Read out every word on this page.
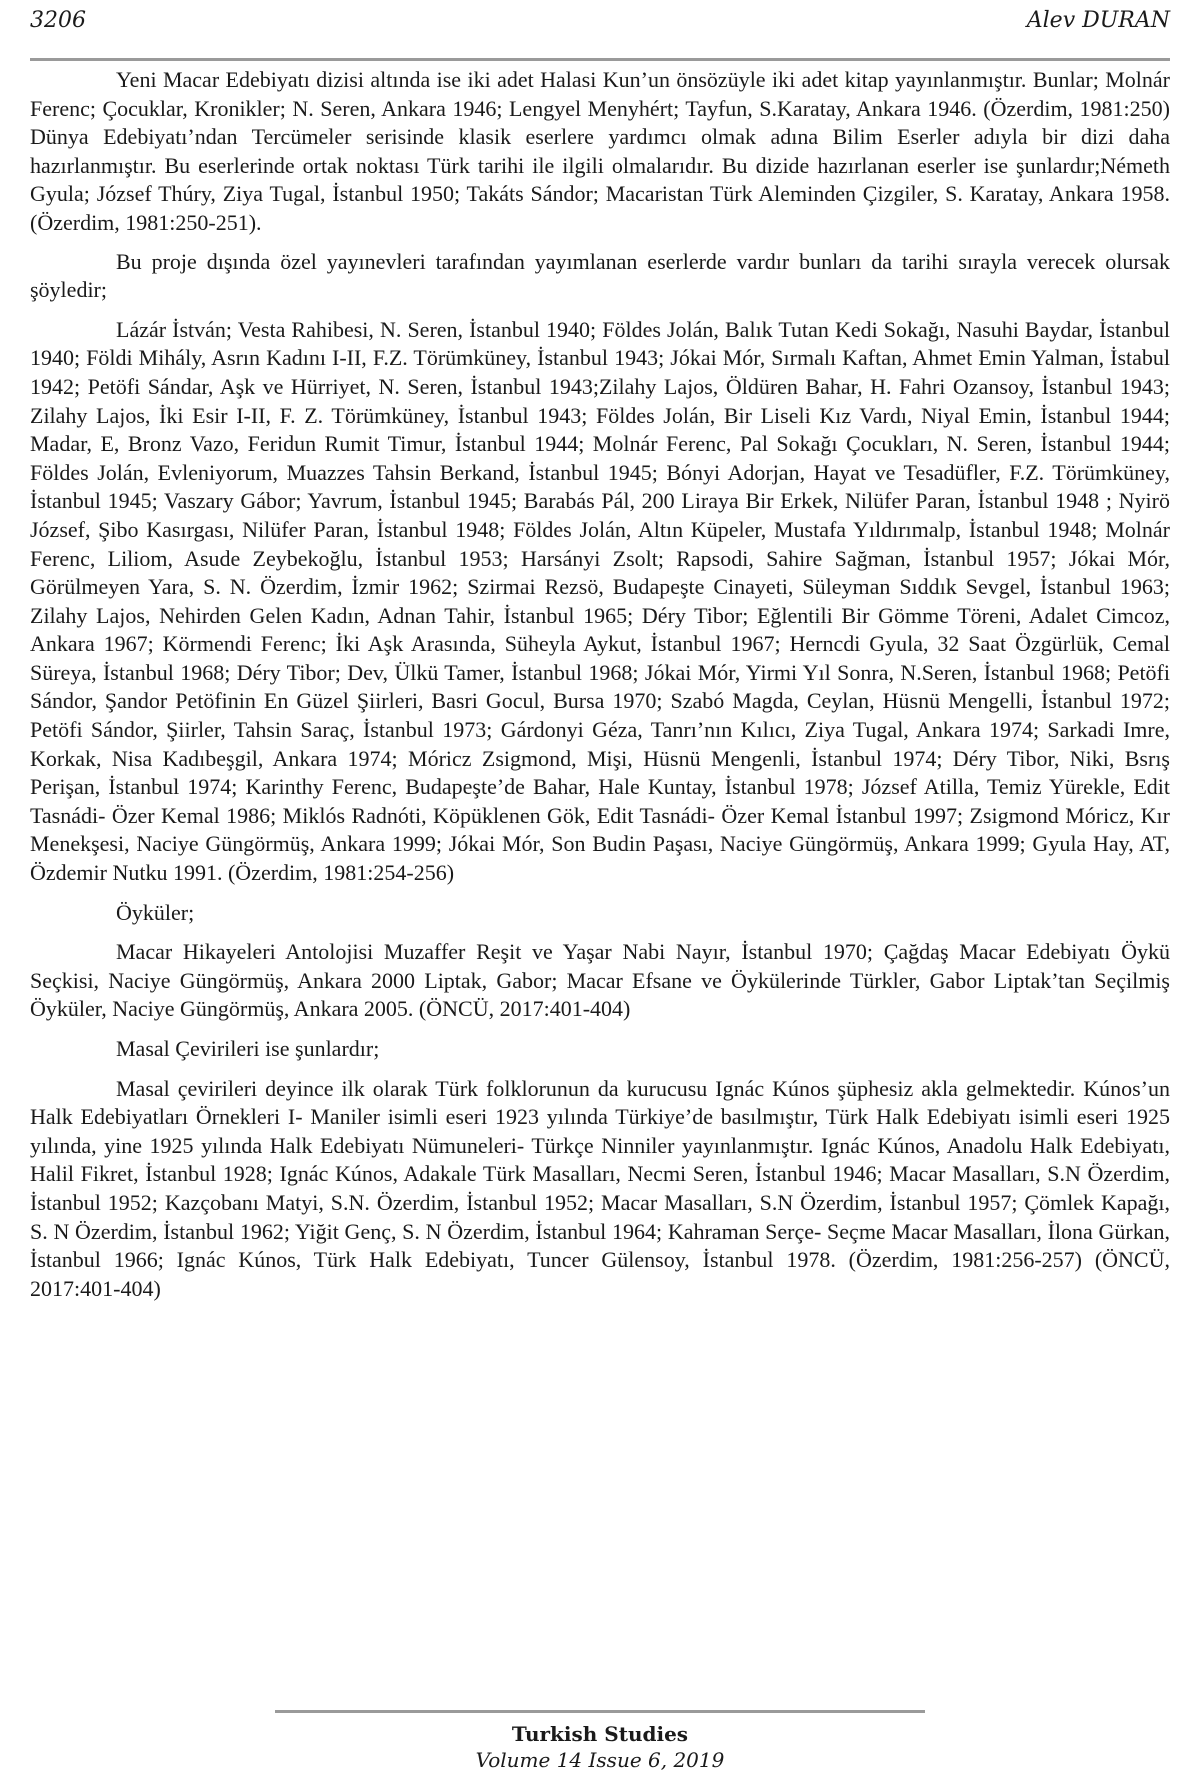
3206	Alev DURAN

Yeni Macar Edebiyatı dizisi altında ise iki adet Halasi Kun’un önsözüyle iki adet kitap yayınlanmıştır. Bunlar; Molnár Ferenc; Çocuklar, Kronikler; N. Seren, Ankara 1946; Lengyel Menyhért; Tayfun, S.Karatay, Ankara 1946. (Özerdim, 1981:250) Dünya Edebiyatı’ndan Tercümeler serisinde klasik eserlere yardımcı olmak adına Bilim Eserler adıyla bir dizi daha hazırlanmıştır. Bu eserlerinde ortak noktası Türk tarihi ile ilgili olmalarıdır. Bu dizide hazırlanan eserler ise şunlardır;Németh Gyula; József Thúry, Ziya Tugal, İstanbul 1950; Takáts Sándor; Macaristan Türk Aleminden Çizgiler, S. Karatay, Ankara 1958. (Özerdim, 1981:250-251).

Bu proje dışında özel yayınevleri tarafından yayımlanan eserlerde vardır bunları da tarihi sırayla verecek olursak şöyledir;

Lázár İstván; Vesta Rahibesi, N. Seren, İstanbul 1940; Földes Jolán, Balık Tutan Kedi Sokağı, Nasuhi Baydar, İstanbul 1940; Földi Mihály, Asrın Kadını I-II, F.Z. Törümküney, İstanbul 1943; Jókai Mór, Sırmalı Kaftan, Ahmet Emin Yalman, İstabul 1942; Petöfi Sándar, Aşk ve Hürriyet, N. Seren, İstanbul 1943;Zilahy Lajos, Öldüren Bahar, H. Fahri Ozansoy, İstanbul 1943; Zilahy Lajos, İki Esir I-II, F. Z. Törümküney, İstanbul 1943; Földes Jolán, Bir Liseli Kız Vardı, Niyal Emin, İstanbul 1944; Madar, E, Bronz Vazo, Feridun Rumit Timur, İstanbul 1944; Molnár Ferenc, Pal Sokağı Çocukları, N. Seren, İstanbul 1944; Földes Jolán, Evleniyorum, Muazzes Tahsin Berkand, İstanbul 1945; Bónyi Adorjan, Hayat ve Tesadüfler, F.Z. Törümküney, İstanbul 1945; Vaszary Gábor; Yavrum, İstanbul 1945; Barabás Pál, 200 Liraya Bir Erkek, Nilüfer Paran, İstanbul 1948 ; Nyirö József, Şibo Kasırgası, Nilüfer Paran, İstanbul 1948; Földes Jolán, Altın Küpeler, Mustafa Yıldırımalp, İstanbul 1948; Molnár Ferenc, Liliom, Asude Zeybekoğlu, İstanbul 1953; Harsányi Zsolt; Rapsodi, Sahire Sağman, İstanbul 1957; Jókai Mór, Görülmeyen Yara, S. N. Özerdim, İzmir 1962; Szirmai Rezsö, Budapeşte Cinayeti, Süleyman Sıddık Sevgel, İstanbul 1963; Zilahy Lajos, Nehirden Gelen Kadın, Adnan Tahir, İstanbul 1965; Déry Tibor; Eğlentili Bir Gömme Töreni, Adalet Cimcoz, Ankara 1967; Körmendi Ferenc; İki Aşk Arasında, Süheyla Aykut, İstanbul 1967; Herncdi Gyula, 32 Saat Özgürlük, Cemal Süreya, İstanbul 1968; Déry Tibor; Dev, Ülkü Tamer, İstanbul 1968; Jókai Mór, Yirmi Yıl Sonra, N.Seren, İstanbul 1968; Petöfi Sándor, Şandor Petöfinin En Güzel Şiirleri, Basri Gocul, Bursa 1970; Szabó Magda, Ceylan, Hüsnü Mengelli, İstanbul 1972; Petöfi Sándor, Şiirler, Tahsin Saraç, İstanbul 1973; Gárdonyi Géza, Tanrı’nın Kılıcı, Ziya Tugal, Ankara 1974; Sarkadi Imre, Korkak, Nisa Kadıbeşgil, Ankara 1974; Móricz Zsigmond, Mişi, Hüsnü Mengenli, İstanbul 1974; Déry Tibor, Niki, Bsrış Perişan, İstanbul 1974; Karinthy Ferenc, Budapeşte’de Bahar, Hale Kuntay, İstanbul 1978; József Atilla, Temiz Yürekle, Edit Tasnádi- Özer Kemal 1986; Miklós Radnóti, Köpüklenen Gök, Edit Tasnádi- Özer Kemal İstanbul 1997; Zsigmond Móricz, Kır Menekşesi, Naciye Güngörmüş, Ankara 1999; Jókai Mór, Son Budin Paşası, Naciye Güngörmüş, Ankara 1999; Gyula Hay, AT, Özdemir Nutku 1991. (Özerdim, 1981:254-256)

Öyküler;

Macar Hikayeleri Antolojisi Muzaffer Reşit ve Yaşar Nabi Nayır, İstanbul 1970; Çağdaş Macar Edebiyatı Öykü Seçkisi, Naciye Güngörmüş, Ankara 2000 Liptak, Gabor; Macar Efsane ve Öykülerinde Türkler, Gabor Liptak’tan Seçilmiş Öyküler, Naciye Güngörmüş, Ankara 2005. (ÖNCÜ, 2017:401-404)

Masal Çevirileri ise şunlardır;

Masal çevirileri deyince ilk olarak Türk folklorunun da kurucusu Ignác Kúnos şüphesiz akla gelmektedir. Kúnos’un Halk Edebiyatları Örnekleri I- Maniler isimli eseri 1923 yılında Türkiye’de basılmıştır, Türk Halk Edebiyatı isimli eseri 1925 yılında, yine 1925 yılında Halk Edebiyatı Nümuneleri- Türkçe Ninniler yayınlanmıştır. Ignác Kúnos, Anadolu Halk Edebiyatı, Halil Fikret, İstanbul 1928; Ignác Kúnos, Adakale Türk Masalları, Necmi Seren, İstanbul 1946; Macar Masalları, S.N Özerdim, İstanbul 1952; Kazçobanı Matyi, S.N. Özerdim, İstanbul 1952; Macar Masalları, S.N Özerdim, İstanbul 1957; Çömlek Kapağı, S. N Özerdim, İstanbul 1962; Yiğit Genç, S. N Özerdim, İstanbul 1964; Kahraman Serçe- Seçme Macar Masalları, İlona Gürkan, İstanbul 1966; Ignác Kúnos, Türk Halk Edebiyatı, Tuncer Gülensoy, İstanbul 1978. (Özerdim, 1981:256-257) (ÖNCÜ, 2017:401-404)

Turkish Studies
Volume 14 Issue 6, 2019
